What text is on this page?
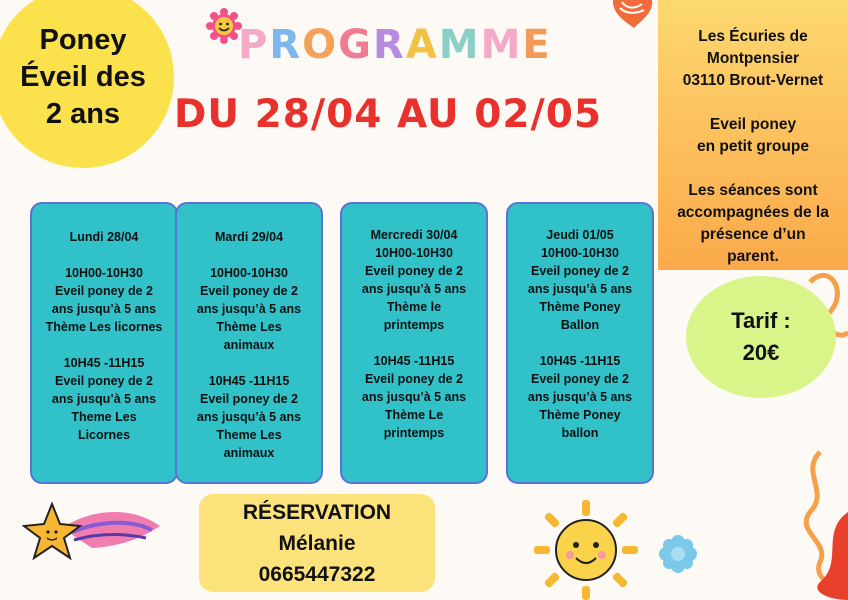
Poney
Éveil des
2 ans
PROGRAMME
DU 28/04 AU 02/05
Les Écuries de
Montpensier
03110 Brout-Vernet
Eveil poney
en petit groupe
Les séances sont
accompagnées de la
présence d’un
parent.
Tarif :
20€
Lundi 28/04
10H00-10H30
Eveil poney de 2
ans jusqu’à 5 ans
Thème Les licornes
10H45 -11H15
Eveil poney de 2
ans jusqu’à 5 ans
Theme Les
Licornes
Mardi 29/04
10H00-10H30
Eveil poney de 2
ans jusqu’à 5 ans
Thème Les
animaux
10H45 -11H15
Eveil poney de 2
ans jusqu’à 5 ans
Theme Les
animaux
Mercredi 30/04
10H00-10H30
Eveil poney de 2
ans jusqu’à 5 ans
Thème le
printemps
10H45 -11H15
Eveil poney de 2
ans jusqu’à 5 ans
Thème Le
printemps
Jeudi 01/05
10H00-10H30
Eveil poney de 2
ans jusqu’à 5 ans
Thème Poney
Ballon
10H45 -11H15
Eveil poney de 2
ans jusqu’à 5 ans
Thème Poney
ballon
RÉSERVATION
Mélanie
0665447322
